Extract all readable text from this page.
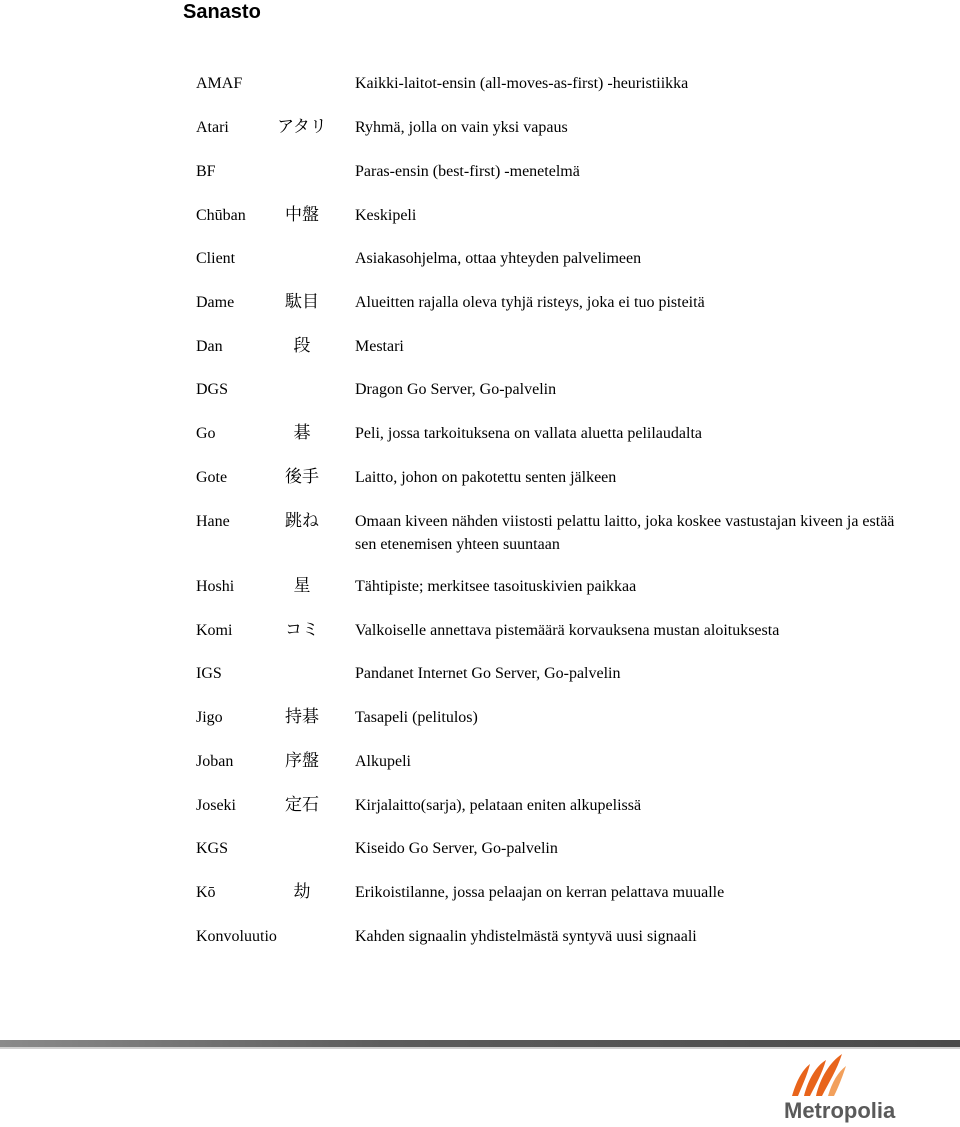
Sanasto
AMAF	Kaikki-laitot-ensin (all-moves-as-first) -heuristiikka
Atari	アタリ	Ryhmä, jolla on vain yksi vapaus
BF	Paras-ensin (best-first) -menetelmä
Chūban	中盤	Keskipeli
Client	Asiakasohjelma, ottaa yhteyden palvelimeen
Dame	駄目	Alueitten rajalla oleva tyhjä risteys, joka ei tuo pisteitä
Dan	段	Mestari
DGS	Dragon Go Server, Go-palvelin
Go	碁	Peli, jossa tarkoituksena on vallata aluetta pelilaudalta
Gote	後手	Laitto, johon on pakotettu senten jälkeen
Hane	跳ね	Omaan kiveen nähden viistosti pelattu laitto, joka koskee vastustajan kiveen ja estää sen etenemisen yhteen suuntaan
Hoshi	星	Tähtipiste; merkitsee tasoituskivien paikkaa
Komi	コミ	Valkoiselle annettava pistemäärä korvauksena mustan aloituksesta
IGS	Pandanet Internet Go Server, Go-palvelin
Jigo	持碁	Tasapeli (pelitulos)
Joban	序盤	Alkupeli
Joseki	定石	Kirjalaitto(sarja), pelataan eniten alkupelissä
KGS	Kiseido Go Server, Go-palvelin
Kō	劫	Erikoistilanne, jossa pelaajan on kerran pelattava muualle
Konvoluutio	Kahden signaalin yhdistelmästä syntyvä uusi signaali
Metropolia
